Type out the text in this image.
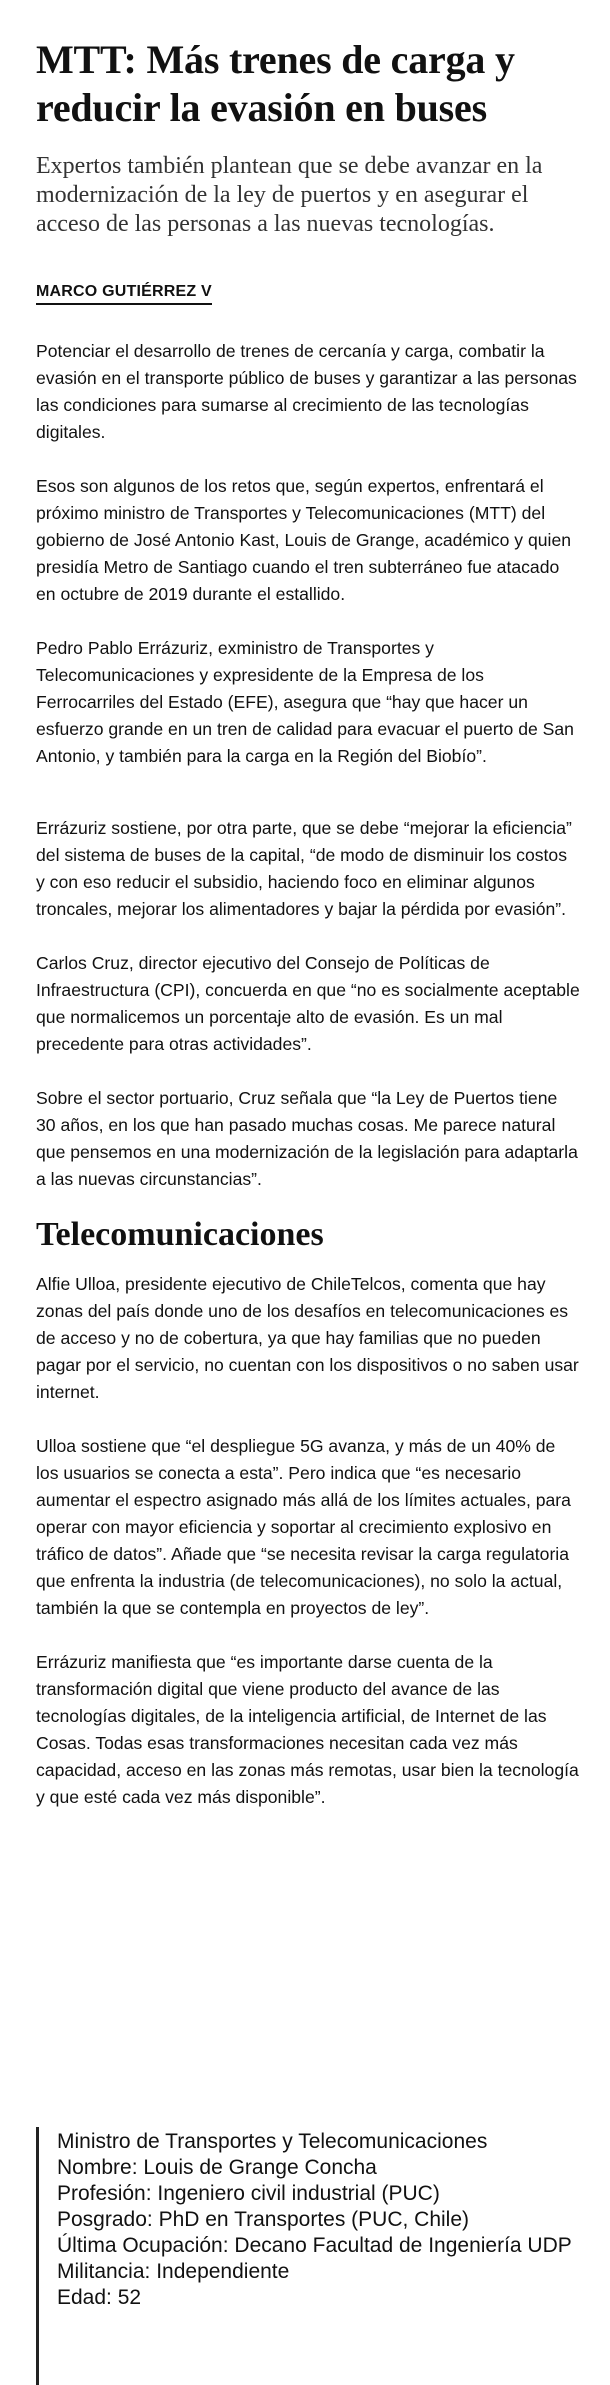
MTT: Más trenes de carga y reducir la evasión en buses

Expertos también plantean que se debe avanzar en la modernización de la ley de puertos y en asegurar el acceso de las personas a las nuevas tecnologías.

MARCO GUTIÉRREZ V

Potenciar el desarrollo de trenes de cercanía y carga, combatir la evasión en el transporte público de buses y garantizar a las personas las condiciones para sumarse al crecimiento de las tecnologías digitales.

Esos son algunos de los retos que, según expertos, enfrentará el próximo ministro de Transportes y Telecomunicaciones (MTT) del gobierno de José Antonio Kast, Louis de Grange, académico y quien presidía Metro de Santiago cuando el tren subterráneo fue atacado en octubre de 2019 durante el estallido.

Pedro Pablo Errázuriz, exministro de Transportes y Telecomunicaciones y expresidente de la Empresa de los Ferrocarriles del Estado (EFE), asegura que “hay que hacer un esfuerzo grande en un tren de calidad para evacuar el puerto de San Antonio, y también para la carga en la Región del Biobío”.

Errázuriz sostiene, por otra parte, que se debe “mejorar la eficiencia” del sistema de buses de la capital, “de modo de disminuir los costos y con eso reducir el subsidio, haciendo foco en eliminar algunos troncales, mejorar los alimentadores y bajar la pérdida por evasión”.

Carlos Cruz, director ejecutivo del Consejo de Políticas de Infraestructura (CPI), concuerda en que “no es socialmente aceptable que normalicemos un porcentaje alto de evasión. Es un mal precedente para otras actividades”.

Sobre el sector portuario, Cruz señala que “la Ley de Puertos tiene 30 años, en los que han pasado muchas cosas. Me parece natural que pensemos en una modernización de la legislación para adaptarla a las nuevas circunstancias”.

Telecomunicaciones

Alfie Ulloa, presidente ejecutivo de ChileTelcos, comenta que hay zonas del país donde uno de los desafíos en telecomunicaciones es de acceso y no de cobertura, ya que hay familias que no pueden pagar por el servicio, no cuentan con los dispositivos o no saben usar internet.

Ulloa sostiene que “el despliegue 5G avanza, y más de un 40% de los usuarios se conecta a esta”. Pero indica que “es necesario aumentar el espectro asignado más allá de los límites actuales, para operar con mayor eficiencia y soportar al crecimiento explosivo en tráfico de datos”. Añade que “se necesita revisar la carga regulatoria que enfrenta la industria (de telecomunicaciones), no solo la actual, también la que se contempla en proyectos de ley”.

Errázuriz manifiesta que “es importante darse cuenta de la transformación digital que viene producto del avance de las tecnologías digitales, de la inteligencia artificial, de Internet de las Cosas. Todas esas transformaciones necesitan cada vez más capacidad, acceso en las zonas más remotas, usar bien la tecnología y que esté cada vez más disponible”.

Ministro de Transportes y Telecomunicaciones
Nombre: Louis de Grange Concha
Profesión: Ingeniero civil industrial (PUC)
Posgrado: PhD en Transportes (PUC, Chile)
Última Ocupación: Decano Facultad de Ingeniería UDP
Militancia: Independiente
Edad: 52
